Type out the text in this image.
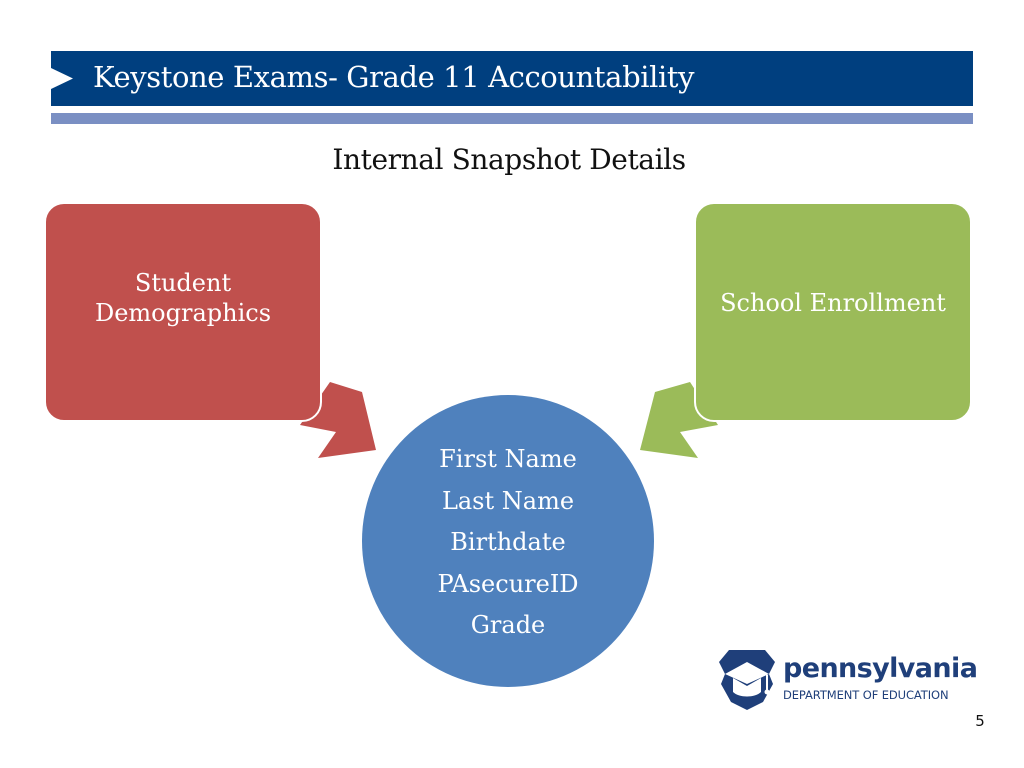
Keystone Exams- Grade 11 Accountability
Internal Snapshot Details
Student Demographics	School Enrollment
First Name
Last Name
Birthdate
PAsecureID
Grade
pennsylvania
DEPARTMENT OF EDUCATION
5
